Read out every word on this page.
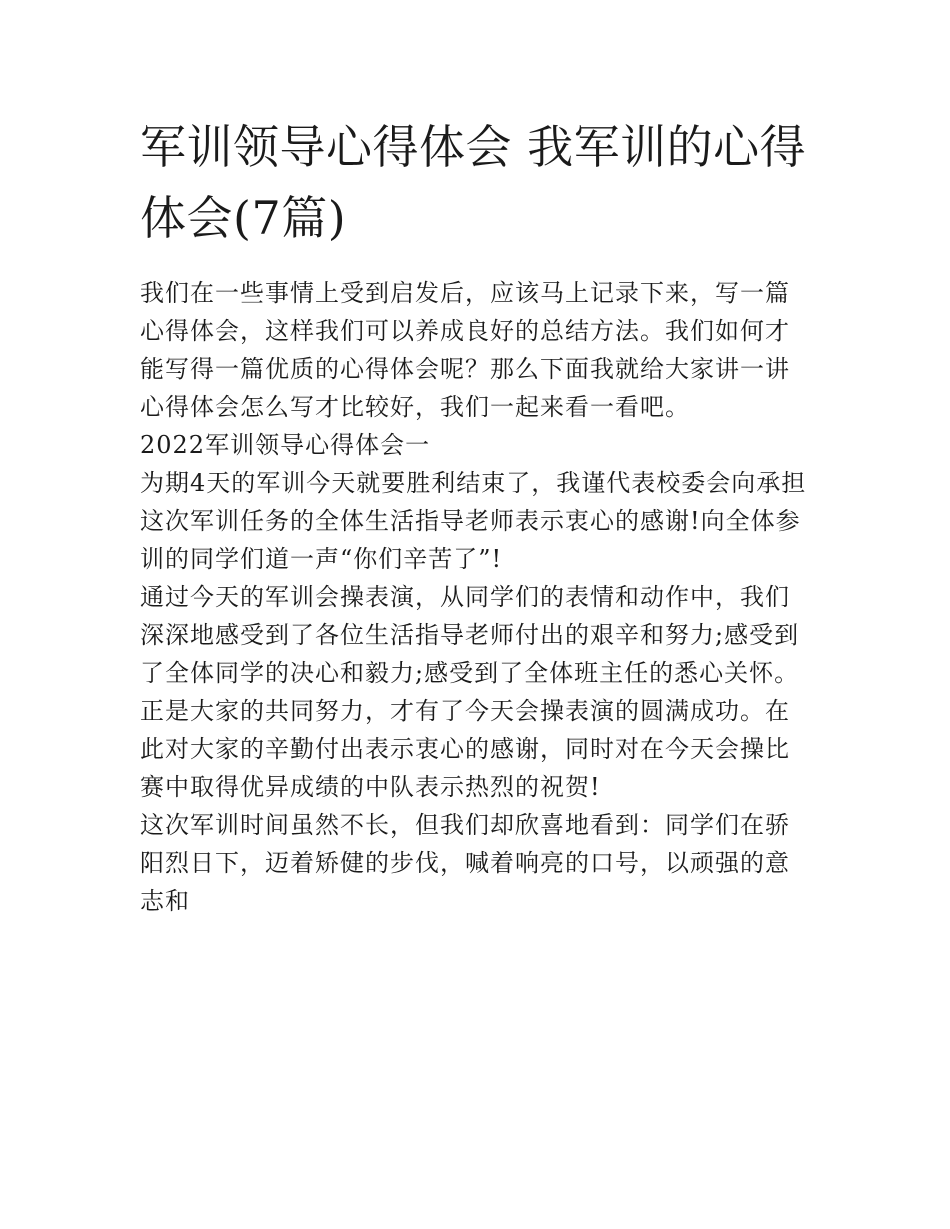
军训领导心得体会 我军训的心得体会(7篇)

我们在一些事情上受到启发后，应该马上记录下来，写一篇心得体会，这样我们可以养成良好的总结方法。我们如何才能写得一篇优质的心得体会呢？那么下面我就给大家讲一讲心得体会怎么写才比较好，我们一起来看一看吧。

2022军训领导心得体会一

为期4天的军训今天就要胜利结束了，我谨代表校委会向承担这次军训任务的全体生活指导老师表示衷心的感谢!向全体参训的同学们道一声“你们辛苦了”!

通过今天的军训会操表演，从同学们的表情和动作中，我们深深地感受到了各位生活指导老师付出的艰辛和努力;感受到了全体同学的决心和毅力;感受到了全体班主任的悉心关怀。正是大家的共同努力，才有了今天会操表演的圆满成功。在此对大家的辛勤付出表示衷心的感谢，同时对在今天会操比赛中取得优异成绩的中队表示热烈的祝贺!

这次军训时间虽然不长，但我们却欣喜地看到：同学们在骄阳烈日下，迈着矫健的步伐，喊着响亮的口号，以顽强的意志和
